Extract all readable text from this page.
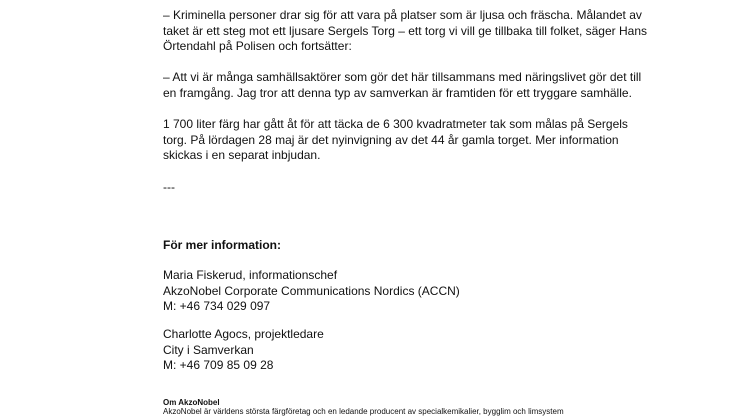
– Kriminella personer drar sig för att vara på platser som är ljusa och fräscha. Målandet av
taket är ett steg mot ett ljusare Sergels Torg – ett torg vi vill ge tillbaka till folket, säger Hans
Örtendahl på Polisen och fortsätter:

– Att vi är många samhällsaktörer som gör det här tillsammans med näringslivet gör det till
en framgång. Jag tror att denna typ av samverkan är framtiden för ett tryggare samhälle.

1 700 liter färg har gått åt för att täcka de 6 300 kvadratmeter tak som målas på Sergels
torg. På lördagen 28 maj är det nyinvigning av det 44 år gamla torget. Mer information
skickas i en separat inbjudan.

---

För mer information:

Maria Fiskerud, informationschef
AkzoNobel Corporate Communications Nordics (ACCN)
M: +46 734 029 097

Charlotte Agocs, projektledare
City i Samverkan
M: +46 709 85 09 28

Om AkzoNobel
AkzoNobel är världens största färgföretag och en ledande producent av specialkemikalier, bygglim och limsystem
